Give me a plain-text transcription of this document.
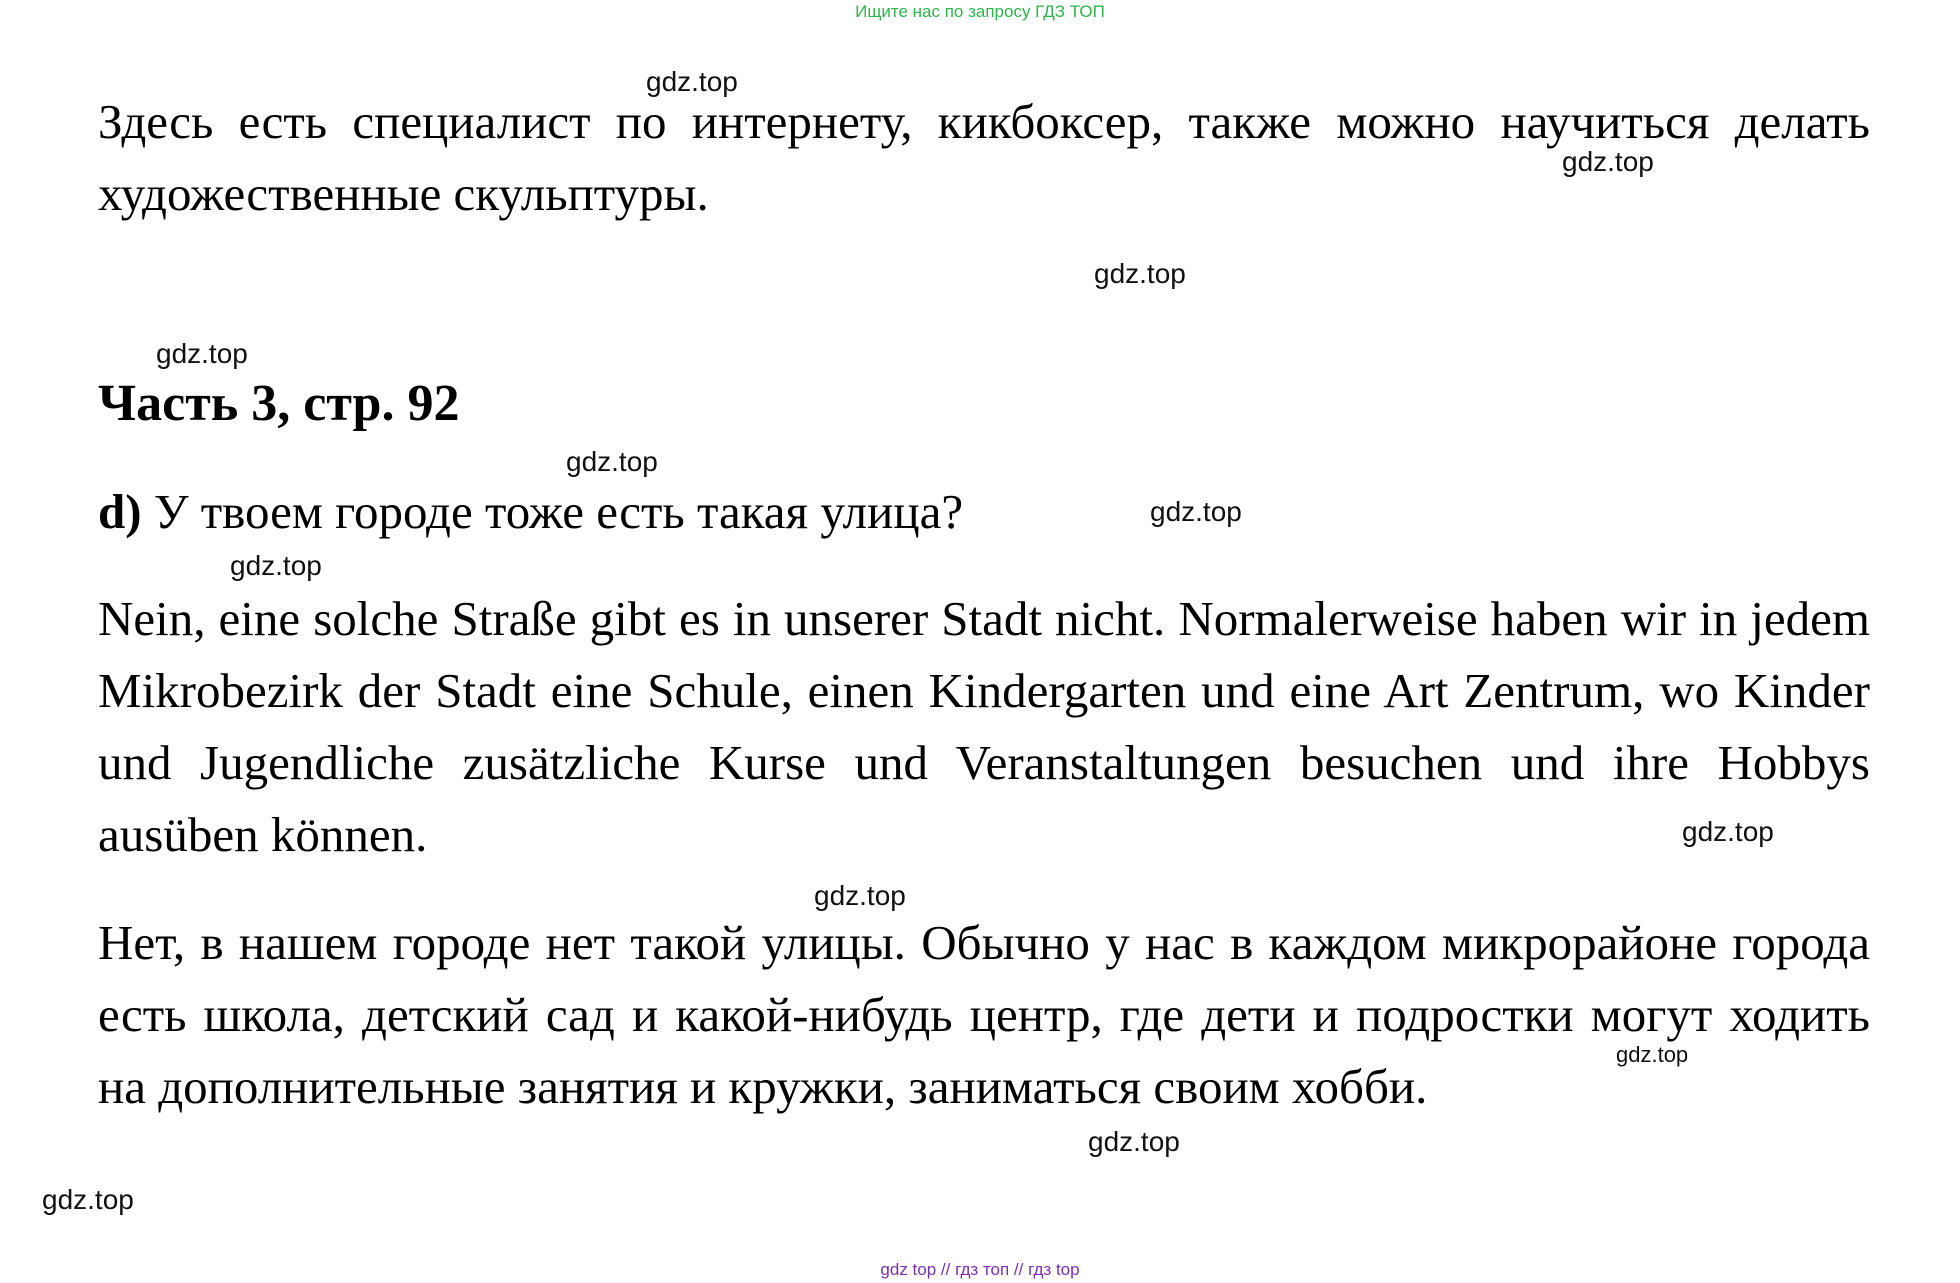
Ищите нас по запросу ГДЗ ТОП

Здесь есть специалист по интернету, кикбоксер, также можно научиться делать художественные скульптуры.

Часть 3, стр. 92

d) У твоем городе тоже есть такая улица?

Nein, eine solche Straße gibt es in unserer Stadt nicht. Normalerweise haben wir in jedem Mikrobezirk der Stadt eine Schule, einen Kindergarten und eine Art Zentrum, wo Kinder und Jugendliche zusätzliche Kurse und Veranstaltungen besuchen und ihre Hobbys ausüben können.

Нет, в нашем городе нет такой улицы. Обычно у нас в каждом микрорайоне города есть школа, детский сад и какой-нибудь центр, где дети и подростки могут ходить на дополнительные занятия и кружки, заниматься своим хобби.

gdz.top
gdz.top
gdz.top
gdz.top
gdz.top
gdz.top
gdz.top
gdz.top
gdz.top
gdz.top
gdz.top
gdz.top
gdz top // гдз топ // гдз top
